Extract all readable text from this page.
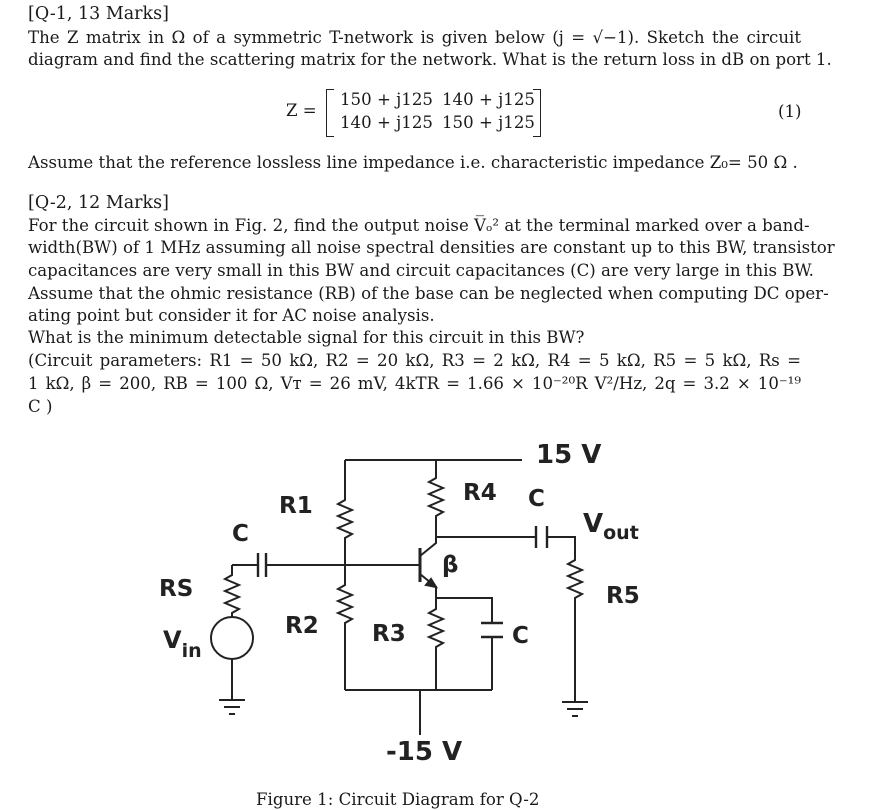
[Q-1, 13 Marks]
The Z matrix in Ω of a symmetric T-network is given below (j = √−1). Sketch the circuit
diagram and find the scattering matrix for the network. What is the return loss in dB on port 1.
Z =
150 + j125 140 + j125
140 + j125 150 + j125
(1)
Assume that the reference lossless line impedance i.e. characteristic impedance Z₀= 50 Ω .
[Q-2, 12 Marks]
For the circuit shown in Fig. 2, find the output noise V̅ₒ² at the terminal marked over a band-
width(BW) of 1 MHz assuming all noise spectral densities are constant up to this BW, transistor
capacitances are very small in this BW and circuit capacitances (C) are very large in this BW.
Assume that the ohmic resistance (RB) of the base can be neglected when computing DC oper-
ating point but consider it for AC noise analysis.
What is the minimum detectable signal for this circuit in this BW?
(Circuit parameters: R1 = 50 kΩ, R2 = 20 kΩ, R3 = 2 kΩ, R4 = 5 kΩ, R5 = 5 kΩ, Rs =
1 kΩ, β = 200, RB = 100 Ω, Vᴛ = 26 mV, 4kTR = 1.66 × 10⁻²⁰R V²/Hz, 2q = 3.2 × 10⁻¹⁹
C )
15 V
-15 V
R1
R2 R3
R4
R5
RS
C
C
C
β
$V_{out}$
$V_{in}$
Figure 1: Circuit Diagram for Q-2
